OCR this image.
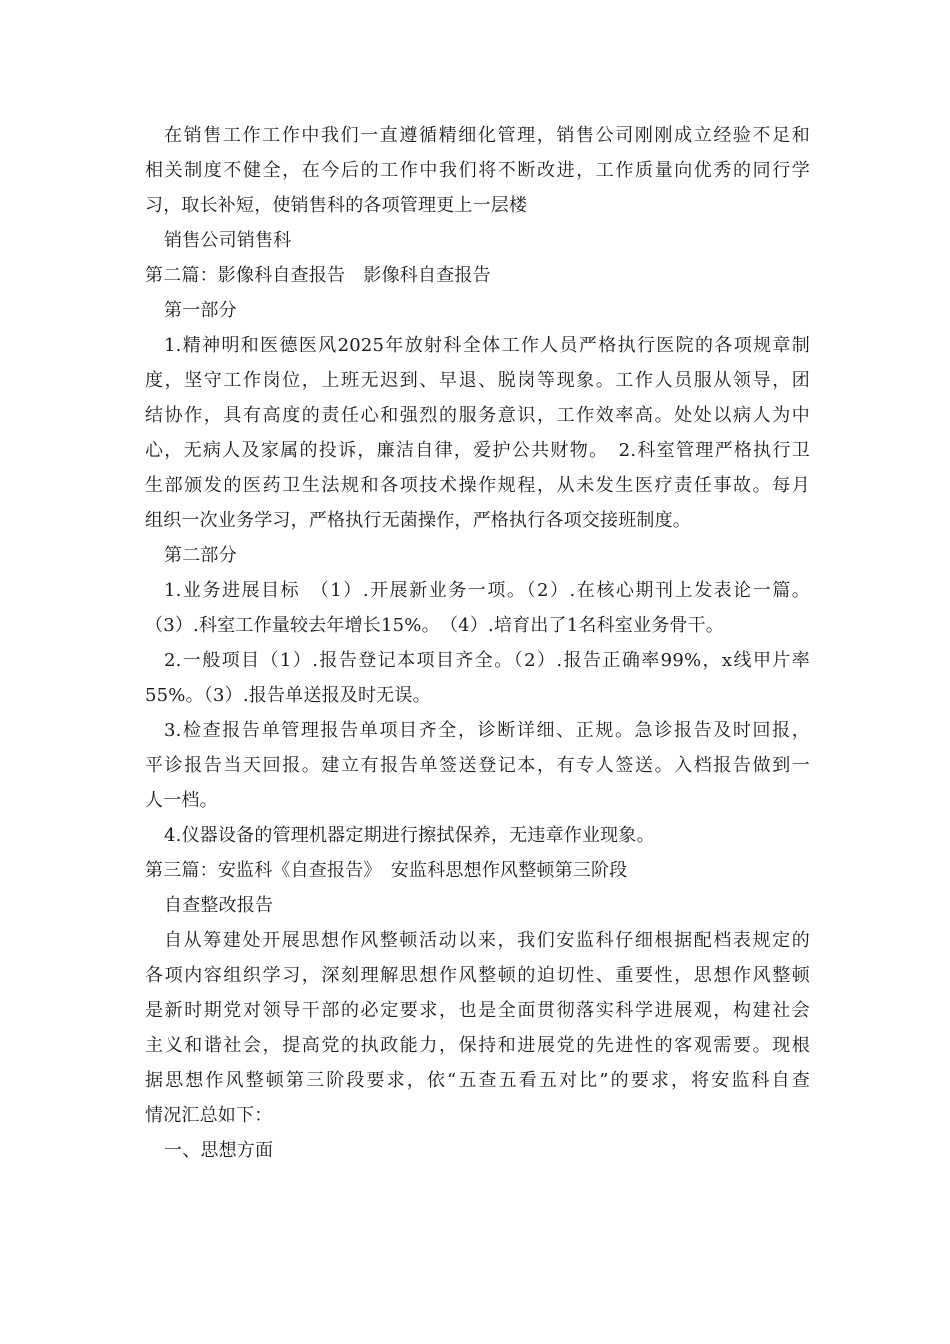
在销售工作工作中我们一直遵循精细化管理，销售公司刚刚成立经验不足和
相关制度不健全，在今后的工作中我们将不断改进，工作质量向优秀的同行学
习，取长补短，使销售科的各项管理更上一层楼
销售公司销售科
第二篇：影像科自查报告　影像科自查报告
第一部分
1.精神明和医德医风2025年放射科全体工作人员严格执行医院的各项规章制
度，坚守工作岗位，上班无迟到、早退、脱岗等现象。工作人员服从领导，团
结协作，具有高度的责任心和强烈的服务意识，工作效率高。处处以病人为中
心，无病人及家属的投诉，廉洁自律，爱护公共财物。　2.科室管理严格执行卫
生部颁发的医药卫生法规和各项技术操作规程，从未发生医疗责任事故。每月
组织一次业务学习，严格执行无菌操作，严格执行各项交接班制度。
第二部分
1.业务进展目标　（1）.开展新业务一项。（2）.在核心期刊上发表论一篇。
（3）.科室工作量较去年增长15%。　（4）.培育出了1名科室业务骨干。
2.一般项目（1）.报告登记本项目齐全。（2）.报告正确率99%，x线甲片率
55%。（3）.报告单送报及时无误。
3.检查报告单管理报告单项目齐全，诊断详细、正规。急诊报告及时回报，
平诊报告当天回报。建立有报告单签送登记本，有专人签送。入档报告做到一
人一档。
4.仪器设备的管理机器定期进行擦拭保养，无违章作业现象。
第三篇：安监科《自查报告》　安监科思想作风整顿第三阶段
自查整改报告
自从筹建处开展思想作风整顿活动以来，我们安监科仔细根据配档表规定的
各项内容组织学习，深刻理解思想作风整顿的迫切性、重要性，思想作风整顿
是新时期党对领导干部的必定要求，也是全面贯彻落实科学进展观，构建社会
主义和谐社会，提高党的执政能力，保持和进展党的先进性的客观需要。现根
据思想作风整顿第三阶段要求，依“五查五看五对比”的要求，将安监科自查
情况汇总如下：
一、思想方面
